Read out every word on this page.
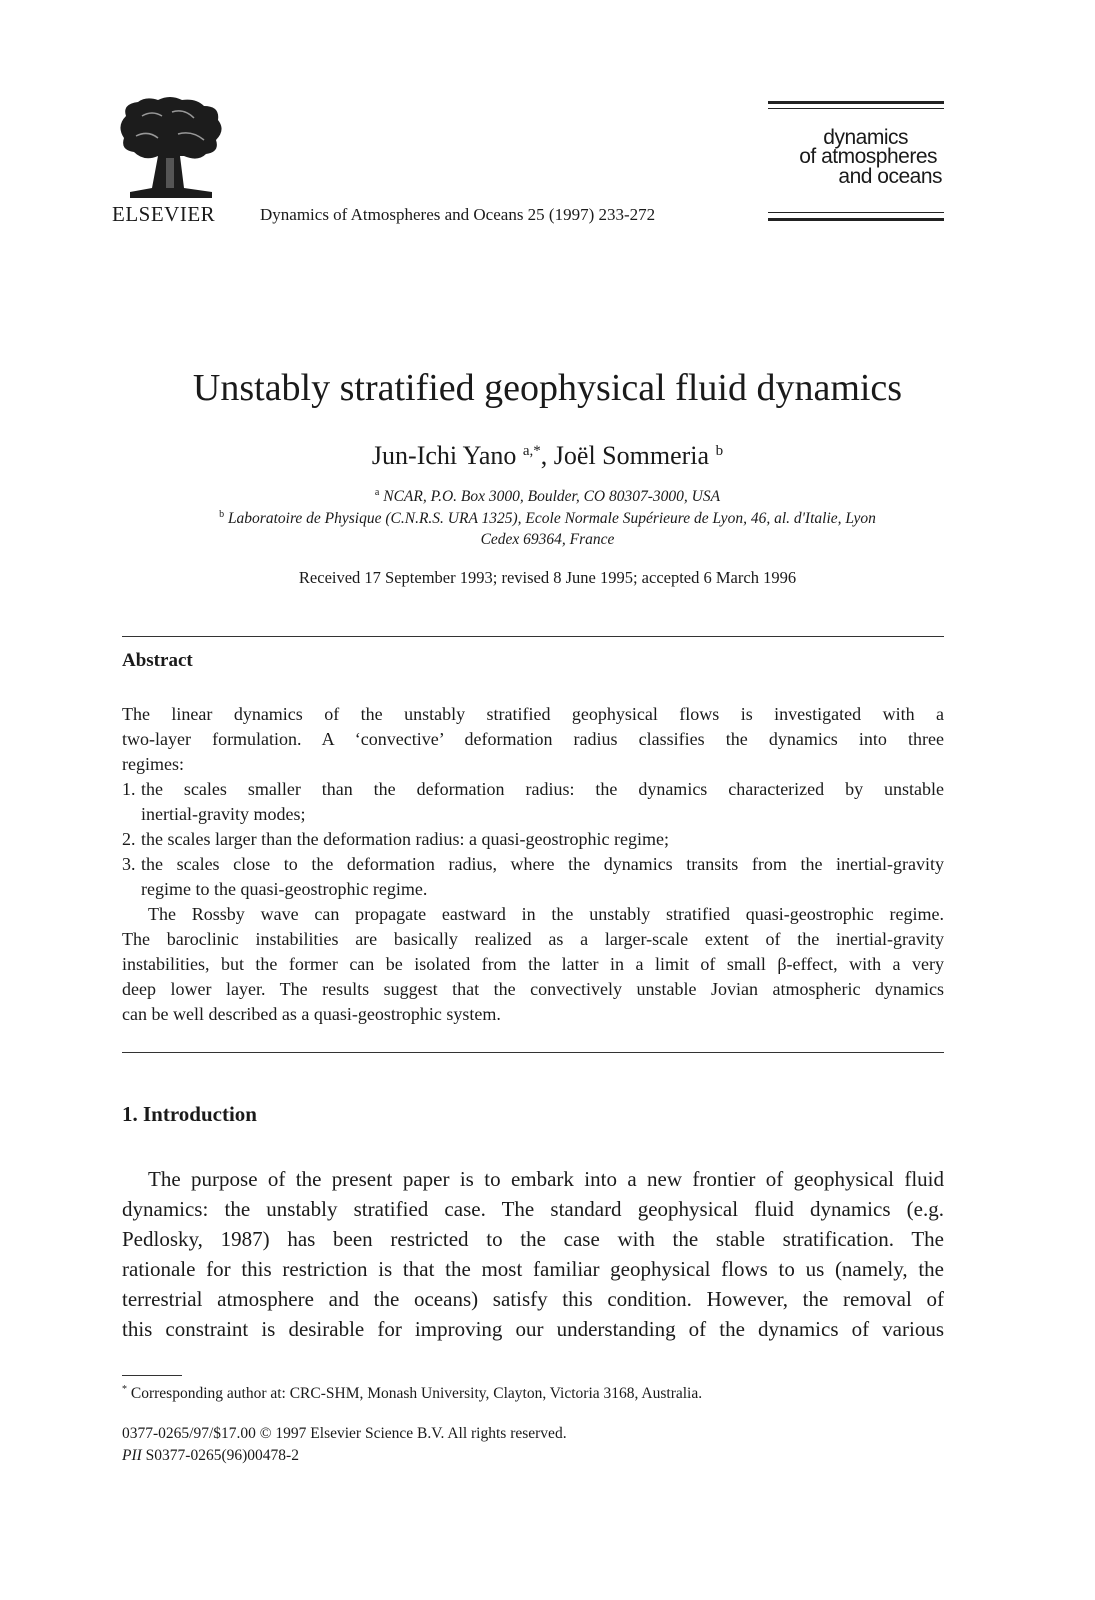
ELSEVIER	Dynamics of Atmospheres and Oceans 25 (1997) 233-272
dynamics
of atmospheres
and oceans
Unstably stratified geophysical fluid dynamics
Jun-Ichi Yano $^{a,*}$, Joël Sommeria $^b$
$^a$ NCAR, P.O. Box 3000, Boulder, CO 80307-3000, USA
$^b$ Laboratoire de Physique (C.N.R.S. URA 1325), Ecole Normale Supérieure de Lyon, 46, al. d'Italie, Lyon
Cedex 69364, France
Received 17 September 1993; revised 8 June 1995; accepted 6 March 1996
Abstract
The linear dynamics of the unstably stratified geophysical flows is investigated with a
two-layer formulation. A ‘convective’ deformation radius classifies the dynamics into three
regimes:
1. the scales smaller than the deformation radius: the dynamics characterized by unstable
inertial-gravity modes;
2. the scales larger than the deformation radius: a quasi-geostrophic regime;
3. the scales close to the deformation radius, where the dynamics transits from the inertial-gravity
regime to the quasi-geostrophic regime.
The Rossby wave can propagate eastward in the unstably stratified quasi-geostrophic regime.
The baroclinic instabilities are basically realized as a larger-scale extent of the inertial-gravity
instabilities, but the former can be isolated from the latter in a limit of small β-effect, with a very
deep lower layer. The results suggest that the convectively unstable Jovian atmospheric dynamics
can be well described as a quasi-geostrophic system.
1. Introduction
The purpose of the present paper is to embark into a new frontier of geophysical fluid
dynamics: the unstably stratified case. The standard geophysical fluid dynamics (e.g.
Pedlosky, 1987) has been restricted to the case with the stable stratification. The
rationale for this restriction is that the most familiar geophysical flows to us (namely, the
terrestrial atmosphere and the oceans) satisfy this condition. However, the removal of
this constraint is desirable for improving our understanding of the dynamics of various
* Corresponding author at: CRC-SHM, Monash University, Clayton, Victoria 3168, Australia.
0377-0265/97/$17.00 © 1997 Elsevier Science B.V. All rights reserved.
PII S0377-0265(96)00478-2
